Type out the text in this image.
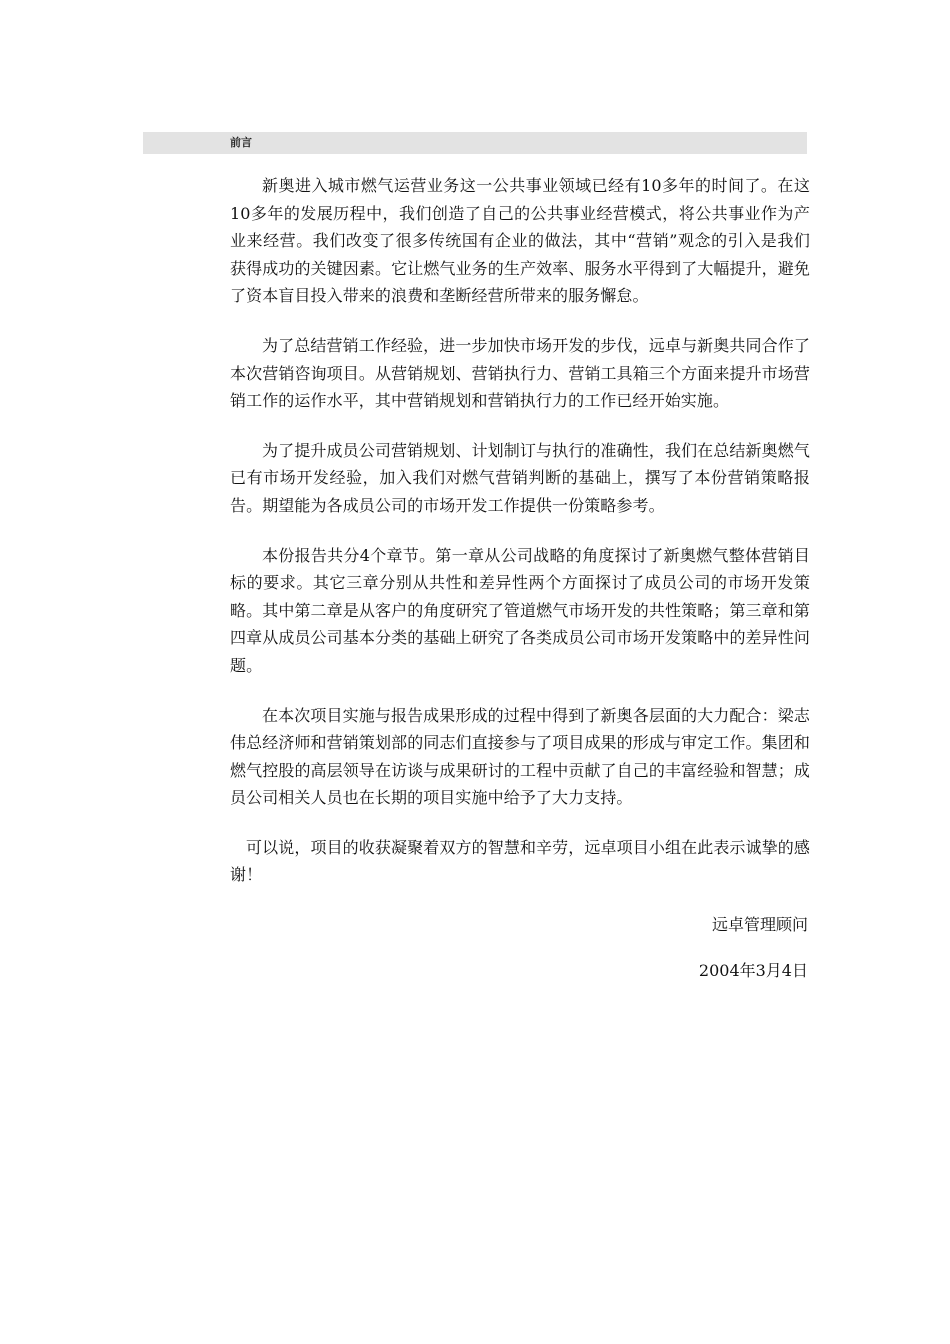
前言

新奥进入城市燃气运营业务这一公共事业领域已经有10多年的时间了。在这10多年的发展历程中，我们创造了自己的公共事业经营模式，将公共事业作为产业来经营。我们改变了很多传统国有企业的做法，其中“营销”观念的引入是我们获得成功的关键因素。它让燃气业务的生产效率、服务水平得到了大幅提升，避免了资本盲目投入带来的浪费和垄断经营所带来的服务懈怠。

为了总结营销工作经验，进一步加快市场开发的步伐，远卓与新奥共同合作了本次营销咨询项目。从营销规划、营销执行力、营销工具箱三个方面来提升市场营销工作的运作水平，其中营销规划和营销执行力的工作已经开始实施。

为了提升成员公司营销规划、计划制订与执行的准确性，我们在总结新奥燃气已有市场开发经验，加入我们对燃气营销判断的基础上，撰写了本份营销策略报告。期望能为各成员公司的市场开发工作提供一份策略参考。

本份报告共分4个章节。第一章从公司战略的角度探讨了新奥燃气整体营销目标的要求。其它三章分别从共性和差异性两个方面探讨了成员公司的市场开发策略。其中第二章是从客户的角度研究了管道燃气市场开发的共性策略；第三章和第四章从成员公司基本分类的基础上研究了各类成员公司市场开发策略中的差异性问题。

在本次项目实施与报告成果形成的过程中得到了新奥各层面的大力配合：梁志伟总经济师和营销策划部的同志们直接参与了项目成果的形成与审定工作。集团和燃气控股的高层领导在访谈与成果研讨的工程中贡献了自己的丰富经验和智慧；成员公司相关人员也在长期的项目实施中给予了大力支持。

可以说，项目的收获凝聚着双方的智慧和辛劳，远卓项目小组在此表示诚挚的感谢！

远卓管理顾问
2004年3月4日
